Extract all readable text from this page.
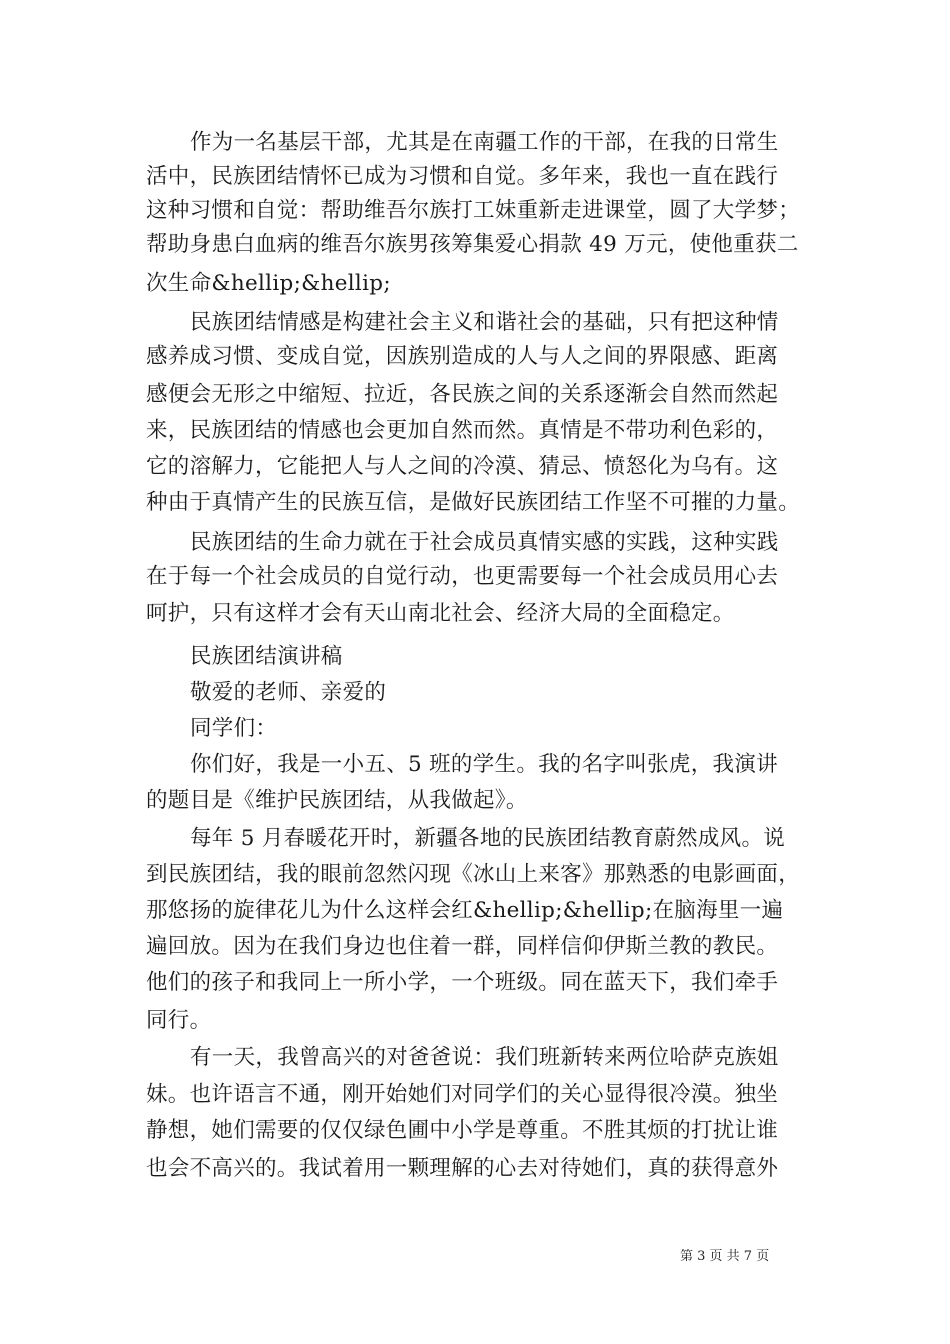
作为一名基层干部，尤其是在南疆工作的干部，在我的日常生
活中，民族团结情怀已成为习惯和自觉。多年来，我也一直在践行
这种习惯和自觉：帮助维吾尔族打工妹重新走进课堂，圆了大学梦；
帮助身患白血病的维吾尔族男孩筹集爱心捐款 49 万元，使他重获二
次生命&hellip;&hellip;
民族团结情感是构建社会主义和谐社会的基础，只有把这种情
感养成习惯、变成自觉，因族别造成的人与人之间的界限感、距离
感便会无形之中缩短、拉近，各民族之间的关系逐渐会自然而然起
来，民族团结的情感也会更加自然而然。真情是不带功利色彩的，
它的溶解力，它能把人与人之间的冷漠、猜忌、愤怒化为乌有。这
种由于真情产生的民族互信，是做好民族团结工作坚不可摧的力量。
民族团结的生命力就在于社会成员真情实感的实践，这种实践
在于每一个社会成员的自觉行动，也更需要每一个社会成员用心去
呵护，只有这样才会有天山南北社会、经济大局的全面稳定。
民族团结演讲稿
敬爱的老师、亲爱的
同学们：
你们好，我是一小五、5 班的学生。我的名字叫张虎，我演讲
的题目是《维护民族团结，从我做起》。
每年 5 月春暖花开时，新疆各地的民族团结教育蔚然成风。说
到民族团结，我的眼前忽然闪现《冰山上来客》那熟悉的电影画面，
那悠扬的旋律花儿为什么这样会红&hellip;&hellip;在脑海里一遍
遍回放。因为在我们身边也住着一群，同样信仰伊斯兰教的教民。
他们的孩子和我同上一所小学，一个班级。同在蓝天下，我们牵手
同行。
有一天，我曾高兴的对爸爸说：我们班新转来两位哈萨克族姐
妹。也许语言不通，刚开始她们对同学们的关心显得很冷漠。独坐
静想，她们需要的仅仅绿色圃中小学是尊重。不胜其烦的打扰让谁
也会不高兴的。我试着用一颗理解的心去对待她们，真的获得意外
第 3 页 共 7 页
